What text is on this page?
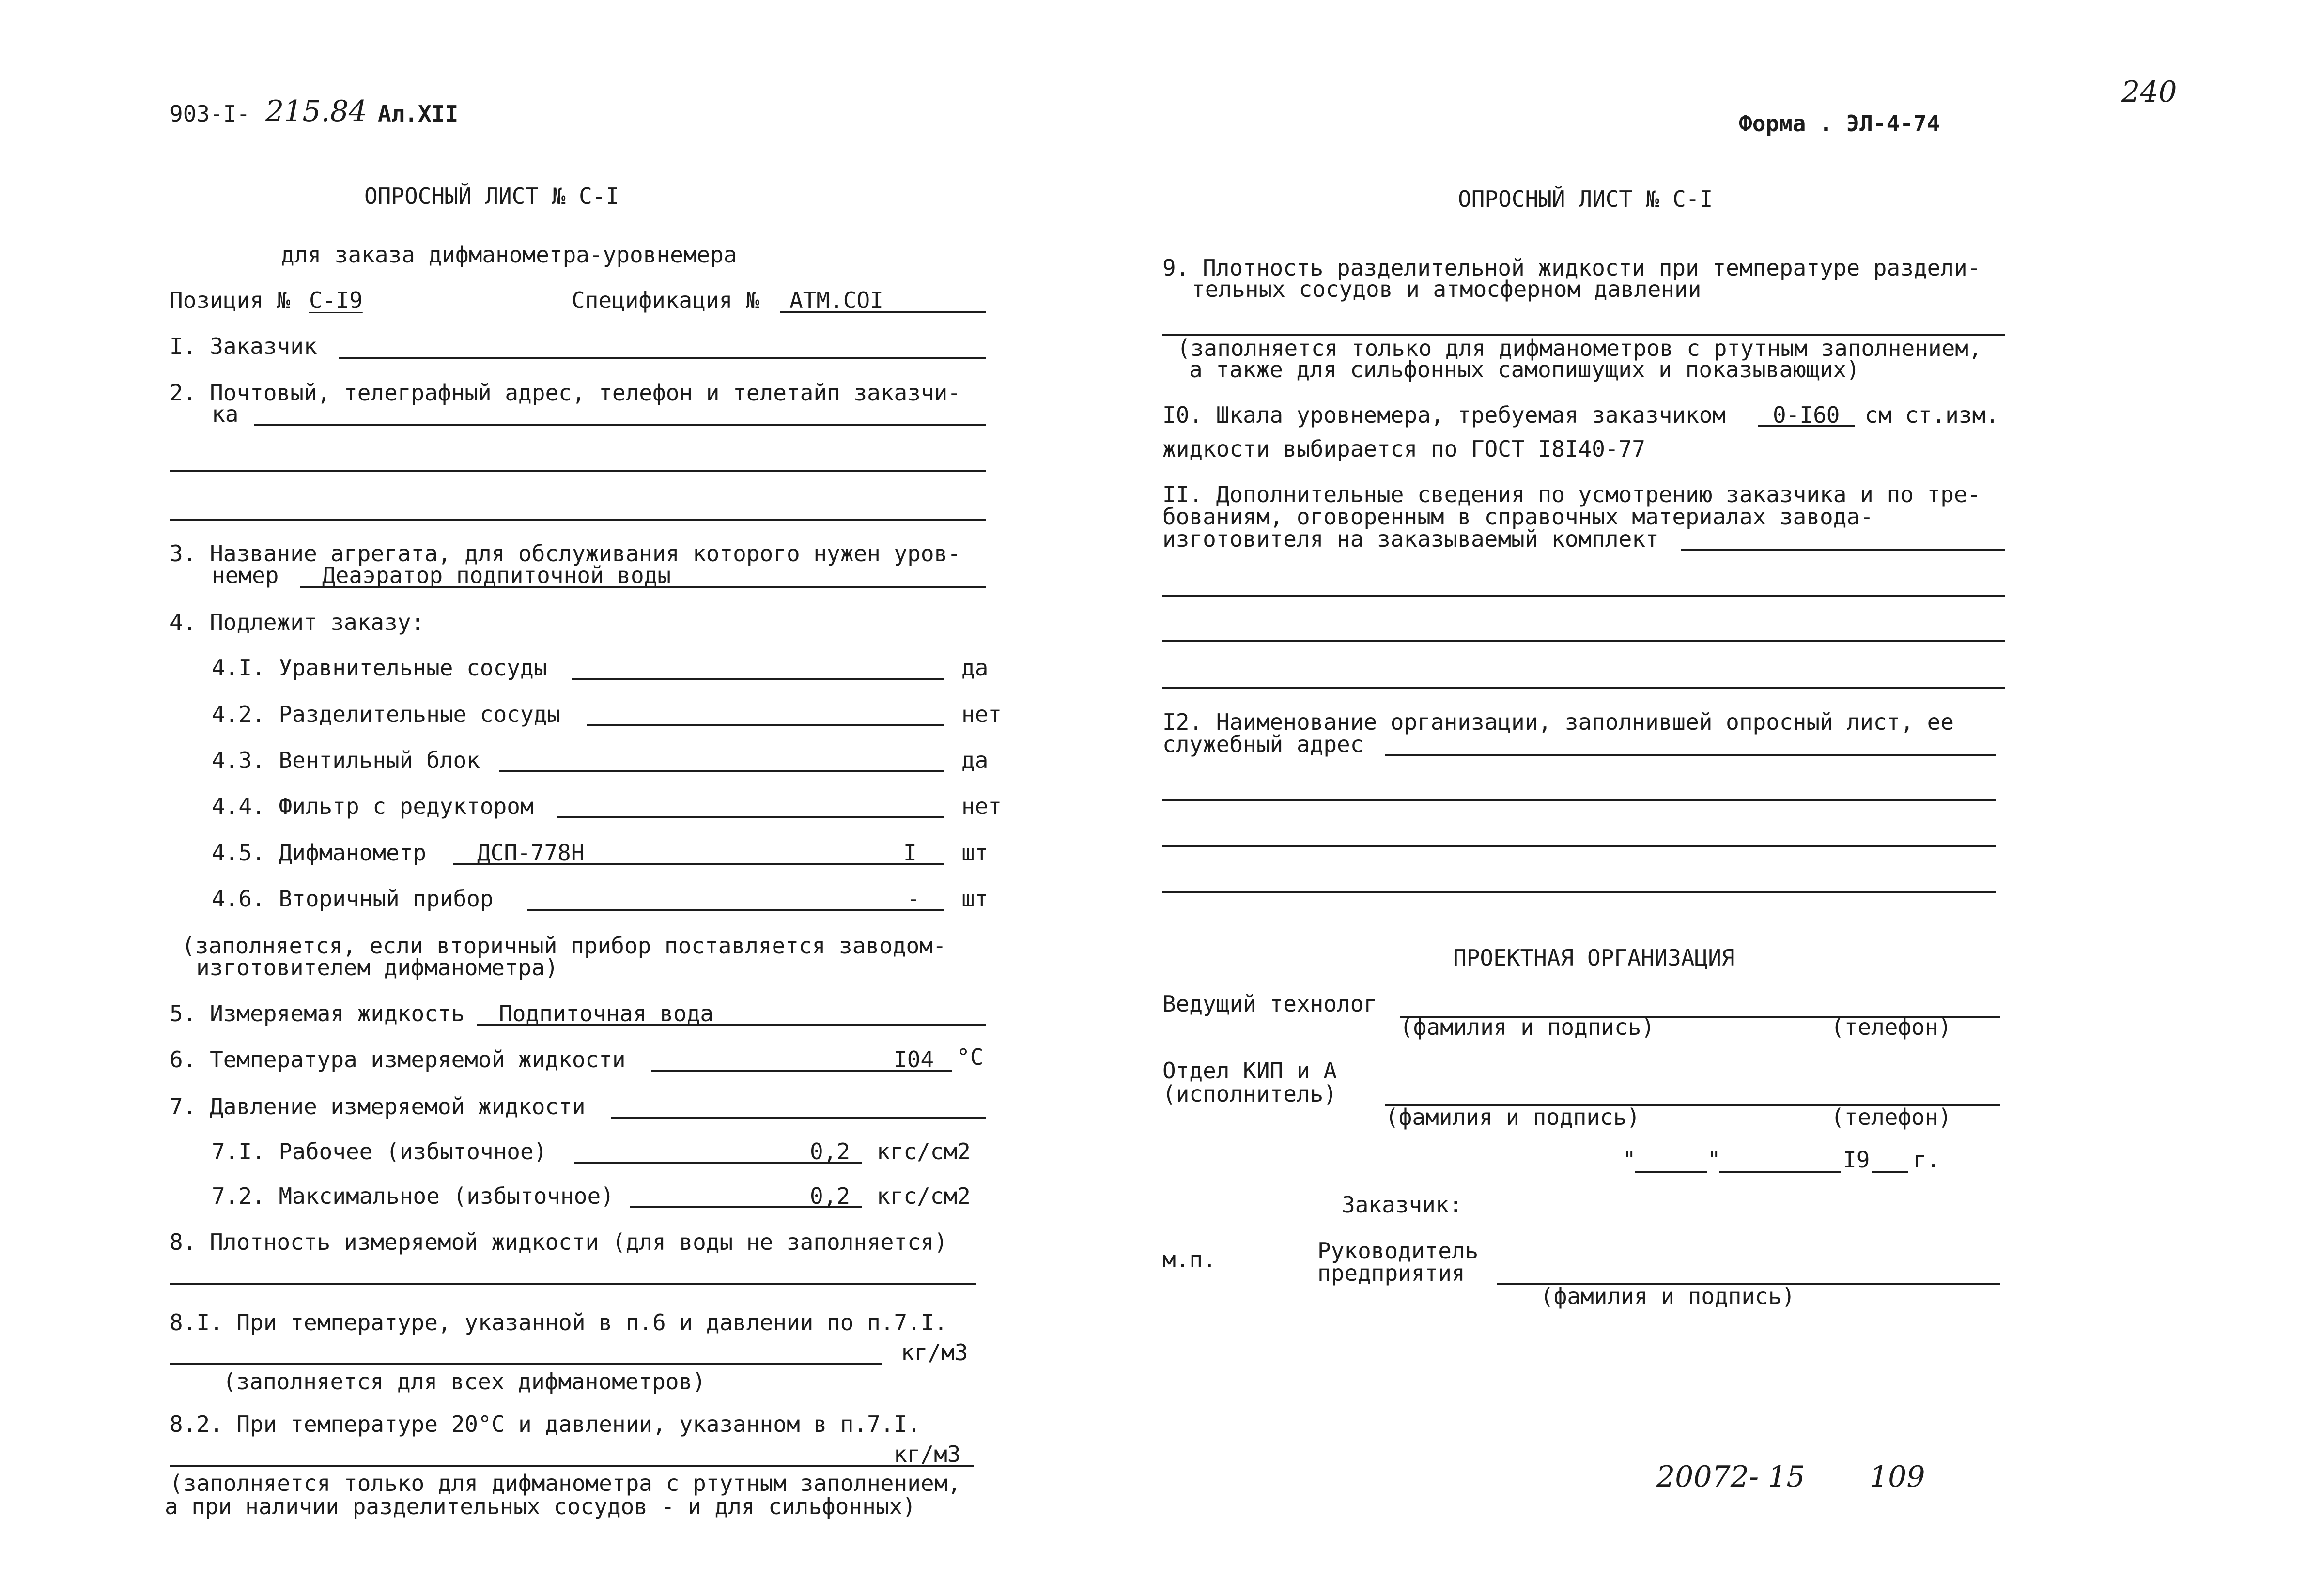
903-I- 215.84 Ал.XII	Форма . ЭЛ-4-74
240
ОПРОСНЫЙ ЛИСТ № С-I
для заказа дифманометра-уровнемера
Позиция № С-I9	Спецификация № АТМ.СОI
I. Заказчик
2. Почтовый, телеграфный адрес, телефон и телетайп заказчи-
ка
3. Название агрегата, для обслуживания которого нужен уров-
немер Деаэратор подпиточной воды
4. Подлежит заказу:
4.I. Уравнительные сосуды	да
4.2. Разделительные сосуды	нет
4.3. Вентильный блок	да
4.4. Фильтр с редуктором	нет
4.5. Дифманометр ДСП-778Н	I шт
4.6. Вторичный прибор	- шт
(заполняется, если вторичный прибор поставляется заводом-
изготовителем дифманометра)
5. Измеряемая жидкость Подпиточная вода
6. Температура измеряемой жидкости	I04 °С
7. Давление измеряемой жидкости
7.I. Рабочее (избыточное)	0,2 кгс/см2
7.2. Максимальное (избыточное)	0,2 кгс/см2
8. Плотность измеряемой жидкости (для воды не заполняется)
8.I. При температуре, указанной в п.6 и давлении по п.7.I.
кг/м3
(заполняется для всех дифманометров)
8.2. При температуре 20°С и давлении, указанном в п.7.I.
кг/м3
(заполняется только для дифманометра с ртутным заполнением,
а при наличии разделительных сосудов - и для сильфонных)
ОПРОСНЫЙ ЛИСТ № С-I
9. Плотность разделительной жидкости при температуре раздели-
тельных сосудов и атмосферном давлении
(заполняется только для дифманометров с ртутным заполнением,
а также для сильфонных самопишущих и показывающих)
I0. Шкала уровнемера, требуемая заказчиком 0-I60 см ст.изм.
жидкости выбирается по ГОСТ I8I40-77
II. Дополнительные сведения по усмотрению заказчика и по тре-
бованиям, оговоренным в справочных материалах завода-
изготовителя на заказываемый комплект
I2. Наименование организации, заполнившей опросный лист, ее
служебный адрес
ПРОЕКТНАЯ ОРГАНИЗАЦИЯ
Ведущий технолог
(фамилия и подпись)	(телефон)
Отдел КИП и А
(исполнитель)
(фамилия и подпись)	(телефон)
"	"	I9 г.
Заказчик:
м.п.	Руководитель
предприятия
(фамилия и подпись)
20072- 15 109
